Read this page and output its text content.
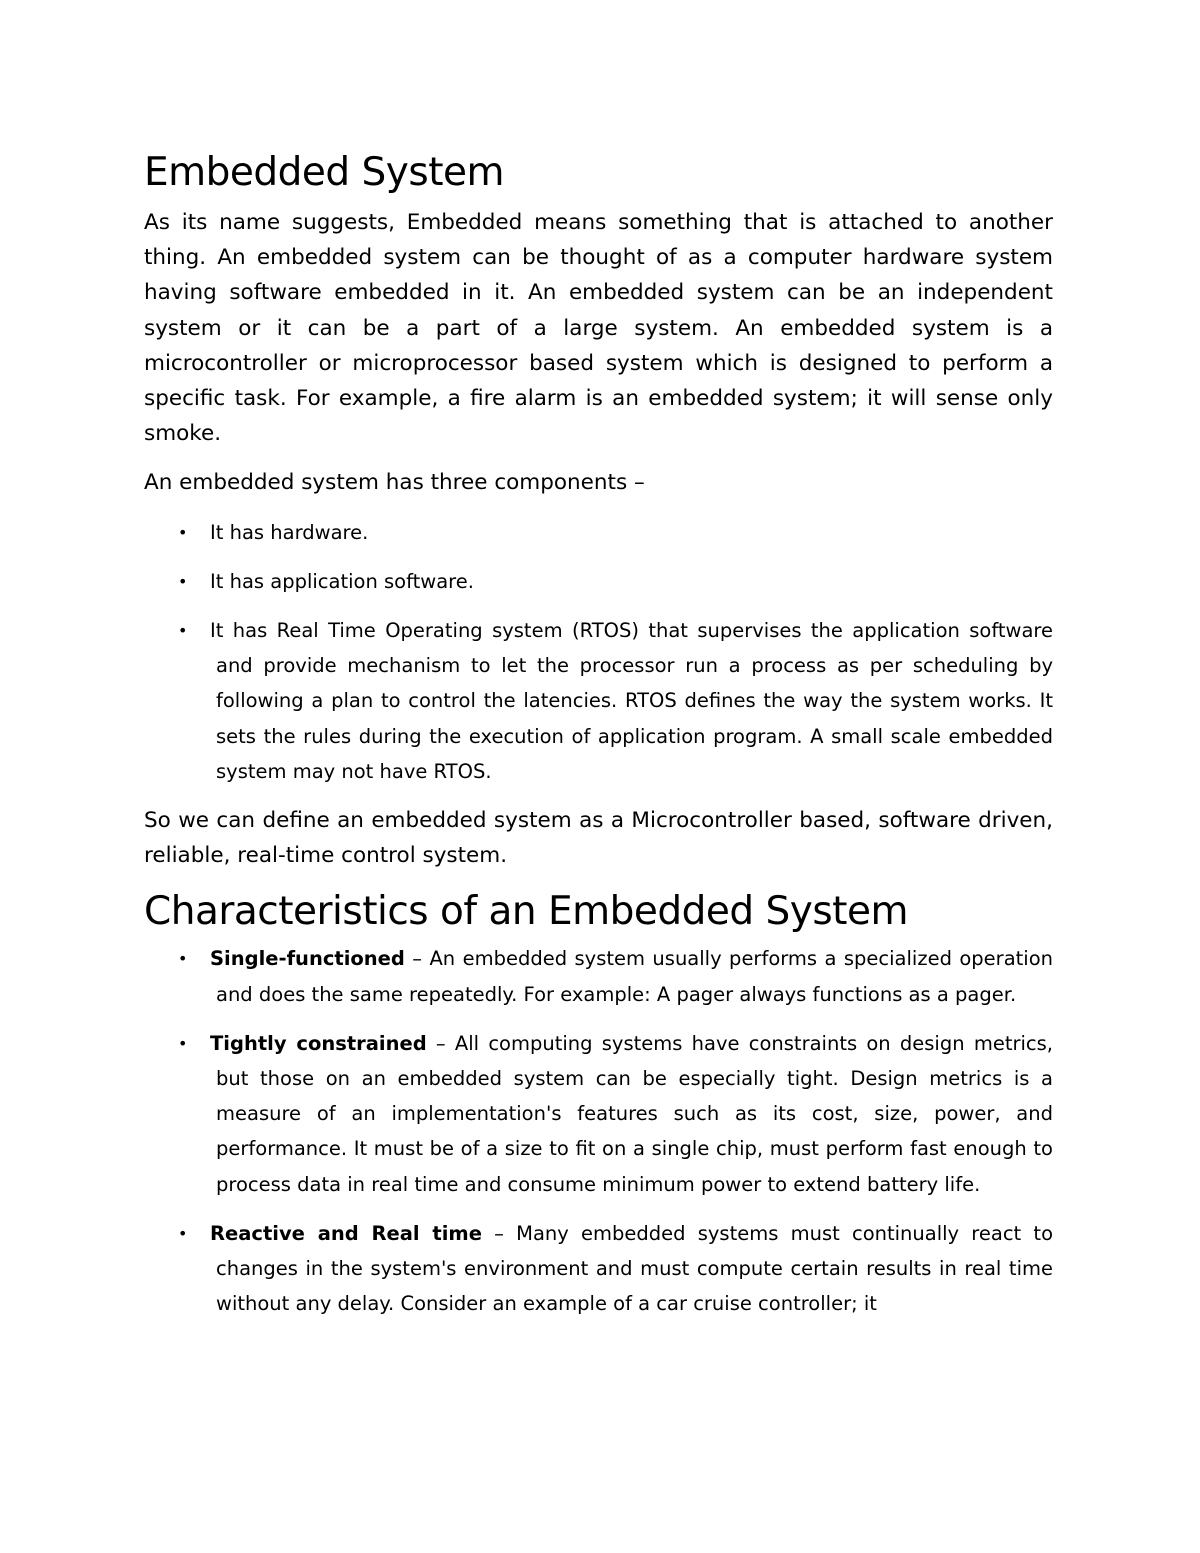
Embedded System

As its name suggests, Embedded means something that is attached to another thing. An embedded system can be thought of as a computer hardware system having software embedded in it. An embedded system can be an independent system or it can be a part of a large system. An embedded system is a microcontroller or microprocessor based system which is designed to perform a specific task. For example, a fire alarm is an embedded system; it will sense only smoke.

An embedded system has three components –

• It has hardware.
• It has application software.
• It has Real Time Operating system (RTOS) that supervises the application software and provide mechanism to let the processor run a process as per scheduling by following a plan to control the latencies. RTOS defines the way the system works. It sets the rules during the execution of application program. A small scale embedded system may not have RTOS.

So we can define an embedded system as a Microcontroller based, software driven, reliable, real-time control system.

Characteristics of an Embedded System
• Single-functioned – An embedded system usually performs a specialized operation and does the same repeatedly. For example: A pager always functions as a pager.
• Tightly constrained – All computing systems have constraints on design metrics, but those on an embedded system can be especially tight. Design metrics is a measure of an implementation's features such as its cost, size, power, and performance. It must be of a size to fit on a single chip, must perform fast enough to process data in real time and consume minimum power to extend battery life.
• Reactive and Real time – Many embedded systems must continually react to changes in the system's environment and must compute certain results in real time without any delay. Consider an example of a car cruise controller; it
